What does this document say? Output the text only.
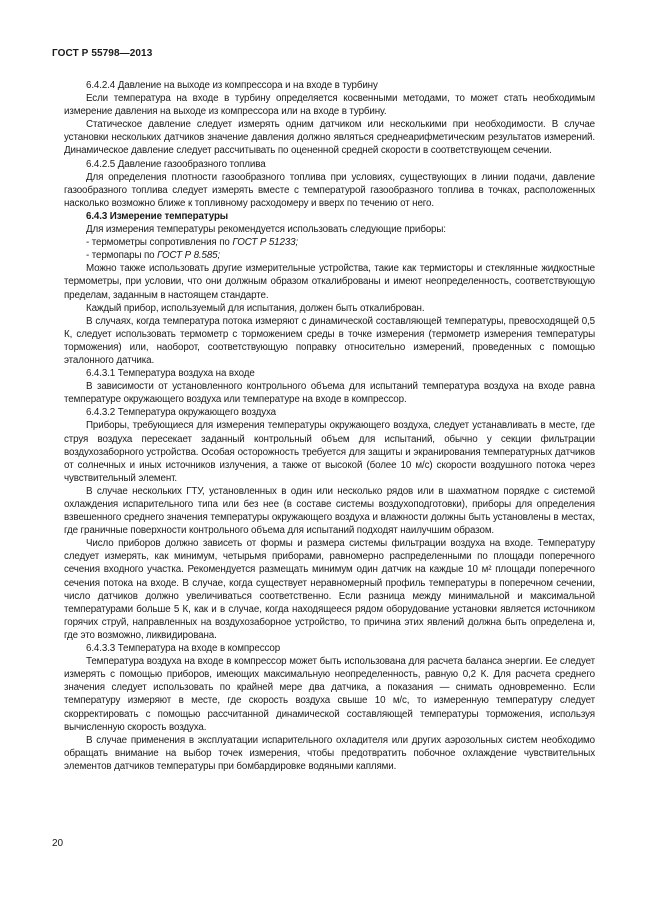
ГОСТ Р 55798—2013

6.4.2.4 Давление на выходе из компрессора и на входе в турбину

Если температура на входе в турбину определяется косвенными методами, то может стать необходимым измерение давления на выходе из компрессора или на входе в турбину.

Статическое давление следует измерять одним датчиком или несколькими при необходимости. В случае установки нескольких датчиков значение давления должно являться среднеарифметическим результатов измерений. Динамическое давление следует рассчитывать по оцененной средней скорости в соответствующем сечении.

6.4.2.5 Давление газообразного топлива

Для определения плотности газообразного топлива при условиях, существующих в линии подачи, давление газообразного топлива следует измерять вместе с температурой газообразного топлива в точках, расположенных насколько возможно ближе к топливному расходомеру и вверх по течению от него.

6.4.3 Измерение температуры

Для измерения температуры рекомендуется использовать следующие приборы:

- термометры сопротивления по ГОСТ Р 51233;

- термопары по ГОСТ Р 8.585;

Можно также использовать другие измерительные устройства, такие как термисторы и стеклянные жидкостные термометры, при условии, что они должным образом откалиброваны и имеют неопределенность, соответствующую пределам, заданным в настоящем стандарте.

Каждый прибор, используемый для испытания, должен быть откалиброван.

В случаях, когда температура потока измеряют с динамической составляющей температуры, превосходящей 0,5 К, следует использовать термометр с торможением среды в точке измерения (термометр измерения температуры торможения) или, наоборот, соответствующую поправку относительно измерений, проведенных с помощью эталонного датчика.

6.4.3.1 Температура воздуха на входе

В зависимости от установленного контрольного объема для испытаний температура воздуха на входе равна температуре окружающего воздуха или температуре на входе в компрессор.

6.4.3.2 Температура окружающего воздуха

Приборы, требующиеся для измерения температуры окружающего воздуха, следует устанавливать в месте, где струя воздуха пересекает заданный контрольный объем для испытаний, обычно у секции фильтрации воздухозаборного устройства. Особая осторожность требуется для защиты и экранирования температурных датчиков от солнечных и иных источников излучения, а также от высокой (более 10 м/с) скорости воздушного потока через чувствительный элемент.

В случае нескольких ГТУ, установленных в один или несколько рядов или в шахматном порядке с системой охлаждения испарительного типа или без нее (в составе системы воздухоподготовки), приборы для определения взвешенного среднего значения температуры окружающего воздуха и влажности должны быть установлены в местах, где граничные поверхности контрольного объема для испытаний подходят наилучшим образом.

Число приборов должно зависеть от формы и размера системы фильтрации воздуха на входе. Температуру следует измерять, как минимум, четырьмя приборами, равномерно распределенными по площади поперечного сечения входного участка. Рекомендуется размещать минимум один датчик на каждые 10 м² площади поперечного сечения потока на входе. В случае, когда существует неравномерный профиль температуры в поперечном сечении, число датчиков должно увеличиваться соответственно. Если разница между минимальной и максимальной температурами больше 5 К, как и в случае, когда находящееся рядом оборудование установки является источником горячих струй, направленных на воздухозаборное устройство, то причина этих явлений должна быть определена и, где это возможно, ликвидирована.

6.4.3.3 Температура на входе в компрессор

Температура воздуха на входе в компрессор может быть использована для расчета баланса энергии. Ее следует измерять с помощью приборов, имеющих максимальную неопределенность, равную 0,2 К. Для расчета среднего значения следует использовать по крайней мере два датчика, а показания — снимать одновременно. Если температуру измеряют в месте, где скорость воздуха свыше 10 м/с, то измеренную температуру следует скорректировать с помощью рассчитанной динамической составляющей температуры торможения, используя вычисленную скорость воздуха.

В случае применения в эксплуатации испарительного охладителя или других аэрозольных систем необходимо обращать внимание на выбор точек измерения, чтобы предотвратить побочное охлаждение чувствительных элементов датчиков температуры при бомбардировке водяными каплями.

20
